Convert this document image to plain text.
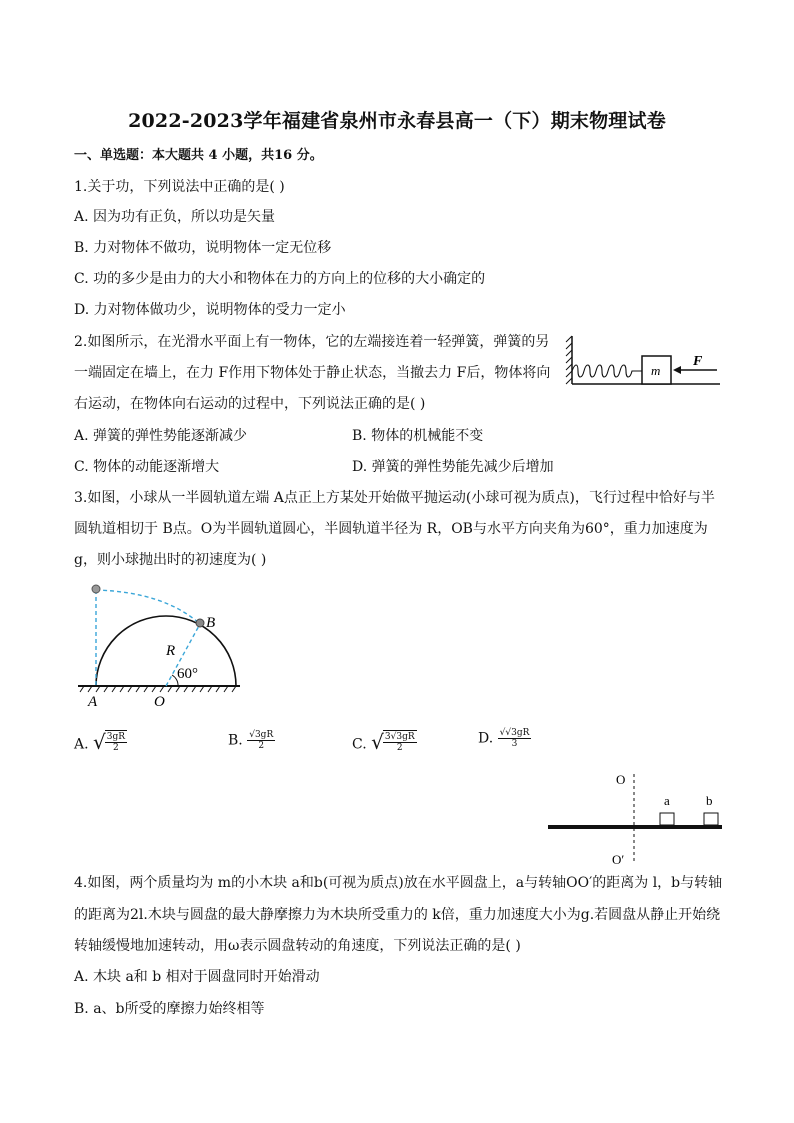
2022-2023学年福建省泉州市永春县高一（下）期末物理试卷
一、单选题：本大题共 4 小题，共16 分。
1.关于功，下列说法中正确的是( )
A. 因为功有正负，所以功是矢量
B. 力对物体不做功，说明物体一定无位移
C. 功的多少是由力的大小和物体在力的方向上的位移的大小确定的
D. 力对物体做功少，说明物体的受力一定小
2.如图所示，在光滑水平面上有一物体，它的左端接连着一轻弹簧，弹簧的另
一端固定在墙上，在力 F作用下物体处于静止状态，当撤去力 F后，物体将向
右运动，在物体向右运动的过程中，下列说法正确的是( )
A. 弹簧的弹性势能逐渐减少	B. 物体的机械能不变
C. 物体的动能逐渐增大	D. 弹簧的弹性势能先减少后增加
m
F
3.如图，小球从一半圆轨道左端 A点正上方某处开始做平抛运动(小球可视为质点)，飞行过程中恰好与半
圆轨道相切于 B点。O为半圆轨道圆心，半圆轨道半径为 R，OB与水平方向夹角为60°，重力加速度为
g，则小球抛出时的初速度为( )
B
R
60°
A	O
A. √ $\frac{3gR}{2}$	B. $\frac{√3gR}{2}$	C. √ $\frac{3√3gR}{2}$	D. $\frac{√√3gR}{3}$
O
a	b
O′
4.如图，两个质量均为 m的小木块 a和b(可视为质点)放在水平圆盘上，a与转轴OO′的距离为 l，b与转轴
的距离为2l.木块与圆盘的最大静摩擦力为木块所受重力的 k倍，重力加速度大小为g.若圆盘从静止开始绕
转轴缓慢地加速转动，用ω表示圆盘转动的角速度，下列说法正确的是( )
A. 木块 a和 b 相对于圆盘同时开始滑动
B. a、b所受的摩擦力始终相等
